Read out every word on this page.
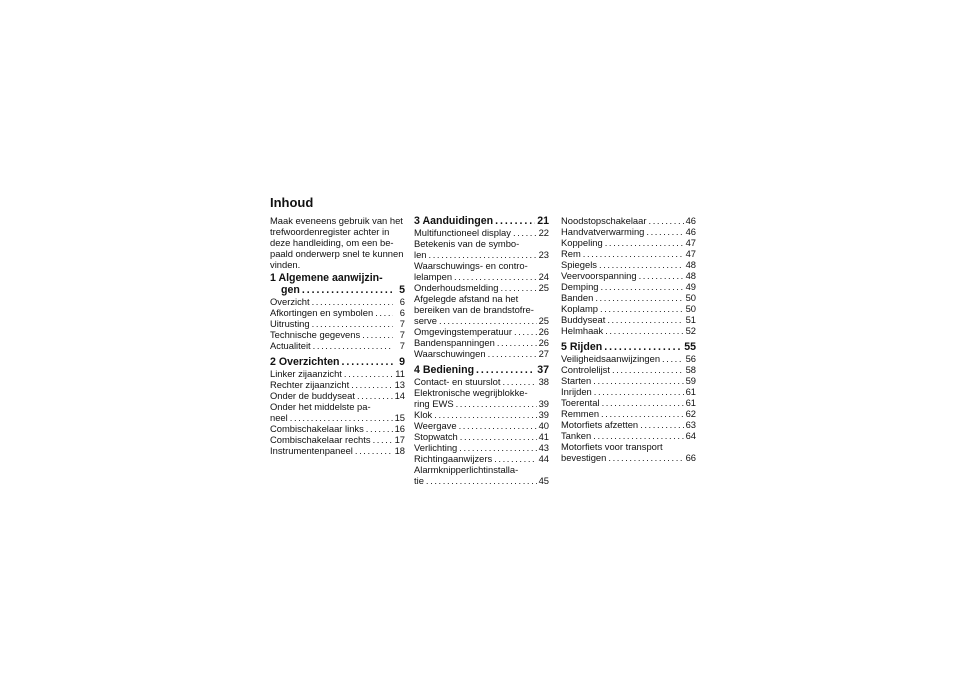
Inhoud

Maak eveneens gebruik van het
trefwoordenregister achter in
deze handleiding, om een be-
paald onderwerp snel te kunnen
vinden.

1 Algemene aanwijzin-
gen . . .	5
Overzicht . . .	6
Afkortingen en symbolen . . .	6
Uitrusting . . .	7
Technische gegevens . . .	7
Actualiteit . . .	7
2 Overzichten . . .	9
Linker zijaanzicht . . .	11
Rechter zijaanzicht . . .	13
Onder de buddyseat . . .	14
Onder het middelste pa-
neel . . .	15
Combischakelaar links . . .	16
Combischakelaar rechts . . .	17
Instrumentenpaneel . . .	18
3 Aanduidingen . . .	21
Multifunctioneel display . . .	22
Betekenis van de symbo-
len . . .	23
Waarschuwings- en contro-
lelampen . . .	24
Onderhoudsmelding . . .	25
Afgelegde afstand na het
bereiken van de brandstofre-
serve . . .	25
Omgevingstemperatuur . . .	26
Bandenspanningen . . .	26
Waarschuwingen . . .	27
4 Bediening . . .	37
Contact- en stuurslot . . .	38
Elektronische wegrijblokke-
ring EWS . . .	39
Klok . . .	39
Weergave . . .	40
Stopwatch . . .	41
Verlichting . . .	43
Richtingaanwijzers . . .	44
Alarmknipperlichtinstalla-
tie . . .	45
Noodstopschakelaar . . .	46
Handvatverwarming . . .	46
Koppeling . . .	47
Rem . . .	47
Spiegels . . .	48
Veervoorspanning . . .	48
Demping . . .	49
Banden . . .	50
Koplamp . . .	50
Buddyseat . . .	51
Helmhaak . . .	52
5 Rijden . . .	55
Veiligheidsaanwijzingen . . .	56
Controlelijst . . .	58
Starten . . .	59
Inrijden . . .	61
Toerental . . .	61
Remmen . . .	62
Motorfiets afzetten . . .	63
Tanken . . .	64
Motorfiets voor transport
bevestigen . . .	66
